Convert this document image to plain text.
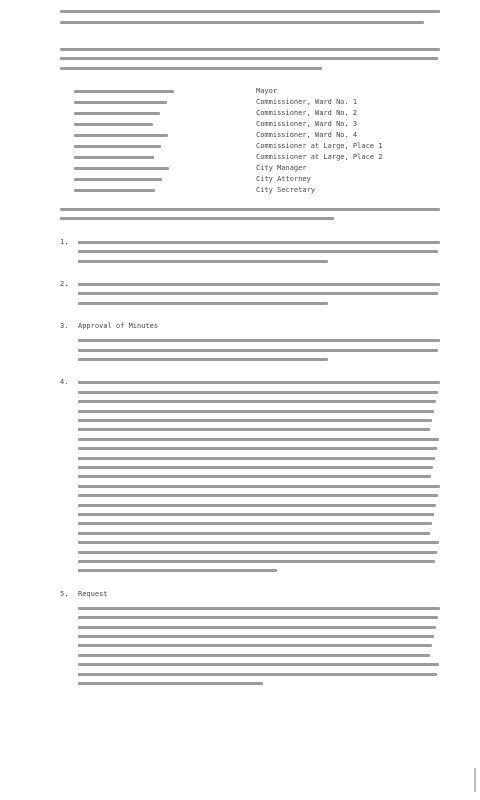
Mayor
Commissioner, Ward No. 1
Commissioner, Ward No. 2
Commissioner, Ward No. 3
Commissioner, Ward No. 4
Commissioner at Large, Place 1
Commissioner at Large, Place 2
City Manager
City Attorney
City Secretary
1.
2.
3. Approval of Minutes
4.
5. Request
